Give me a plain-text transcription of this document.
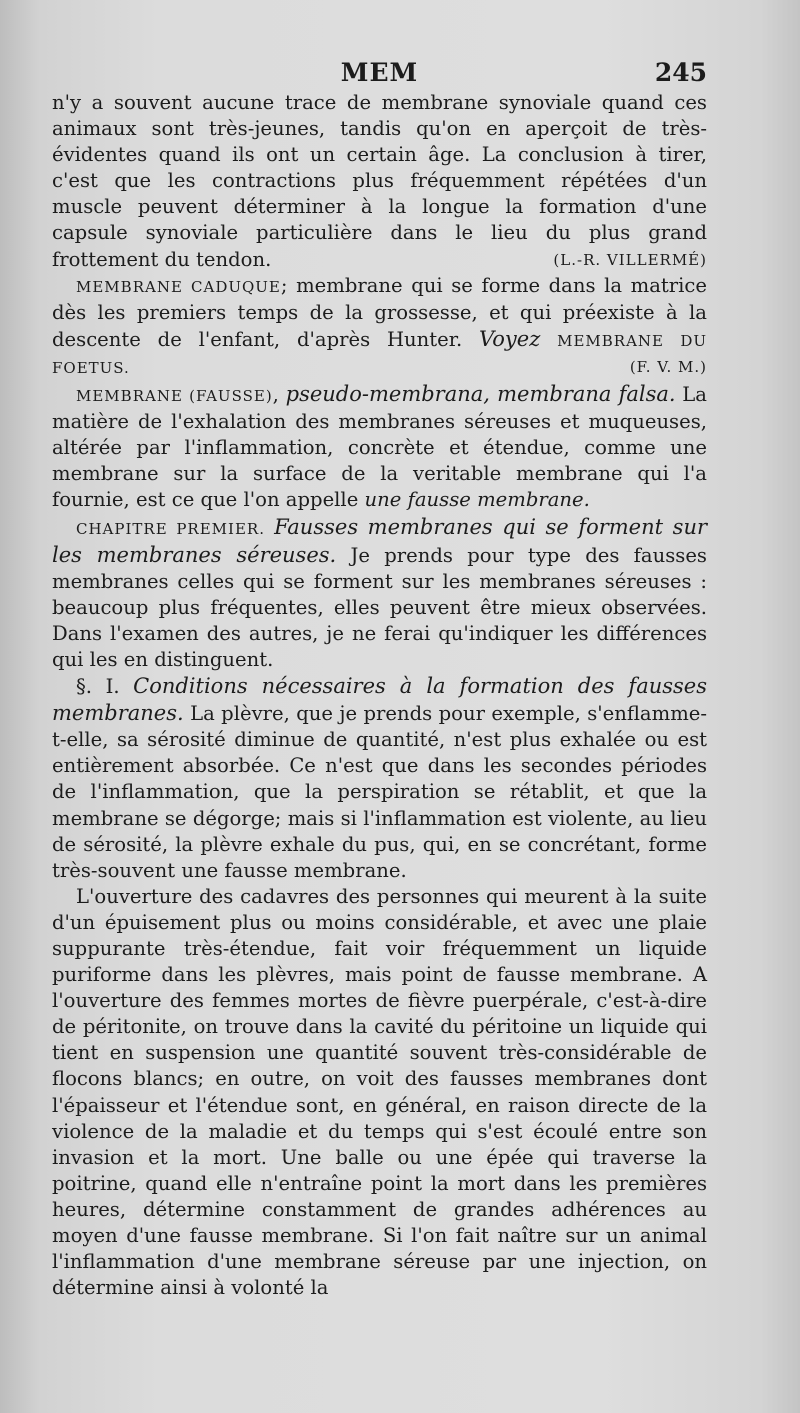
MEM	245

n'y a souvent aucune trace de membrane synoviale quand ces animaux sont très-jeunes, tandis qu'on en aperçoit de très-évidentes quand ils ont un certain âge. La conclusion à tirer, c'est que les contractions plus fréquemment répétées d'un muscle peuvent déterminer à la longue la formation d'une capsule synoviale particulière dans le lieu du plus grand frottement du tendon.	(L.-R. VILLERMÉ)

MEMBRANE CADUQUE; membrane qui se forme dans la matrice dès les premiers temps de la grossesse, et qui préexiste à la descente de l'enfant, d'après Hunter. Voyez MEMBRANE DU FOETUS.	(F. V. M.)

MEMBRANE (FAUSSE), pseudo-membrana, membrana falsa. La matière de l'exhalation des membranes séreuses et muqueuses, altérée par l'inflammation, concrète et étendue, comme une membrane sur la surface de la veritable membrane qui l'a fournie, est ce que l'on appelle une fausse membrane.

CHAPITRE PREMIER. Fausses membranes qui se forment sur les membranes séreuses. Je prends pour type des fausses membranes celles qui se forment sur les membranes séreuses : beaucoup plus fréquentes, elles peuvent être mieux observées. Dans l'examen des autres, je ne ferai qu'indiquer les différences qui les en distinguent.

§. I. Conditions nécessaires à la formation des fausses membranes. La plèvre, que je prends pour exemple, s'enflamme-t-elle, sa sérosité diminue de quantité, n'est plus exhalée ou est entièrement absorbée. Ce n'est que dans les secondes périodes de l'inflammation, que la perspiration se rétablit, et que la membrane se dégorge; mais si l'inflammation est violente, au lieu de sérosité, la plèvre exhale du pus, qui, en se concrétant, forme très-souvent une fausse membrane.

L'ouverture des cadavres des personnes qui meurent à la suite d'un épuisement plus ou moins considérable, et avec une plaie suppurante très-étendue, fait voir fréquemment un liquide puriforme dans les plèvres, mais point de fausse membrane. A l'ouverture des femmes mortes de fièvre puerpérale, c'est-à-dire de péritonite, on trouve dans la cavité du péritoine un liquide qui tient en suspension une quantité souvent très-considérable de flocons blancs; en outre, on voit des fausses membranes dont l'épaisseur et l'étendue sont, en général, en raison directe de la violence de la maladie et du temps qui s'est écoulé entre son invasion et la mort. Une balle ou une épée qui traverse la poitrine, quand elle n'entraîne point la mort dans les premières heures, détermine constamment de grandes adhérences au moyen d'une fausse membrane. Si l'on fait naître sur un animal l'inflammation d'une membrane séreuse par une injection, on détermine ainsi à volonté la
